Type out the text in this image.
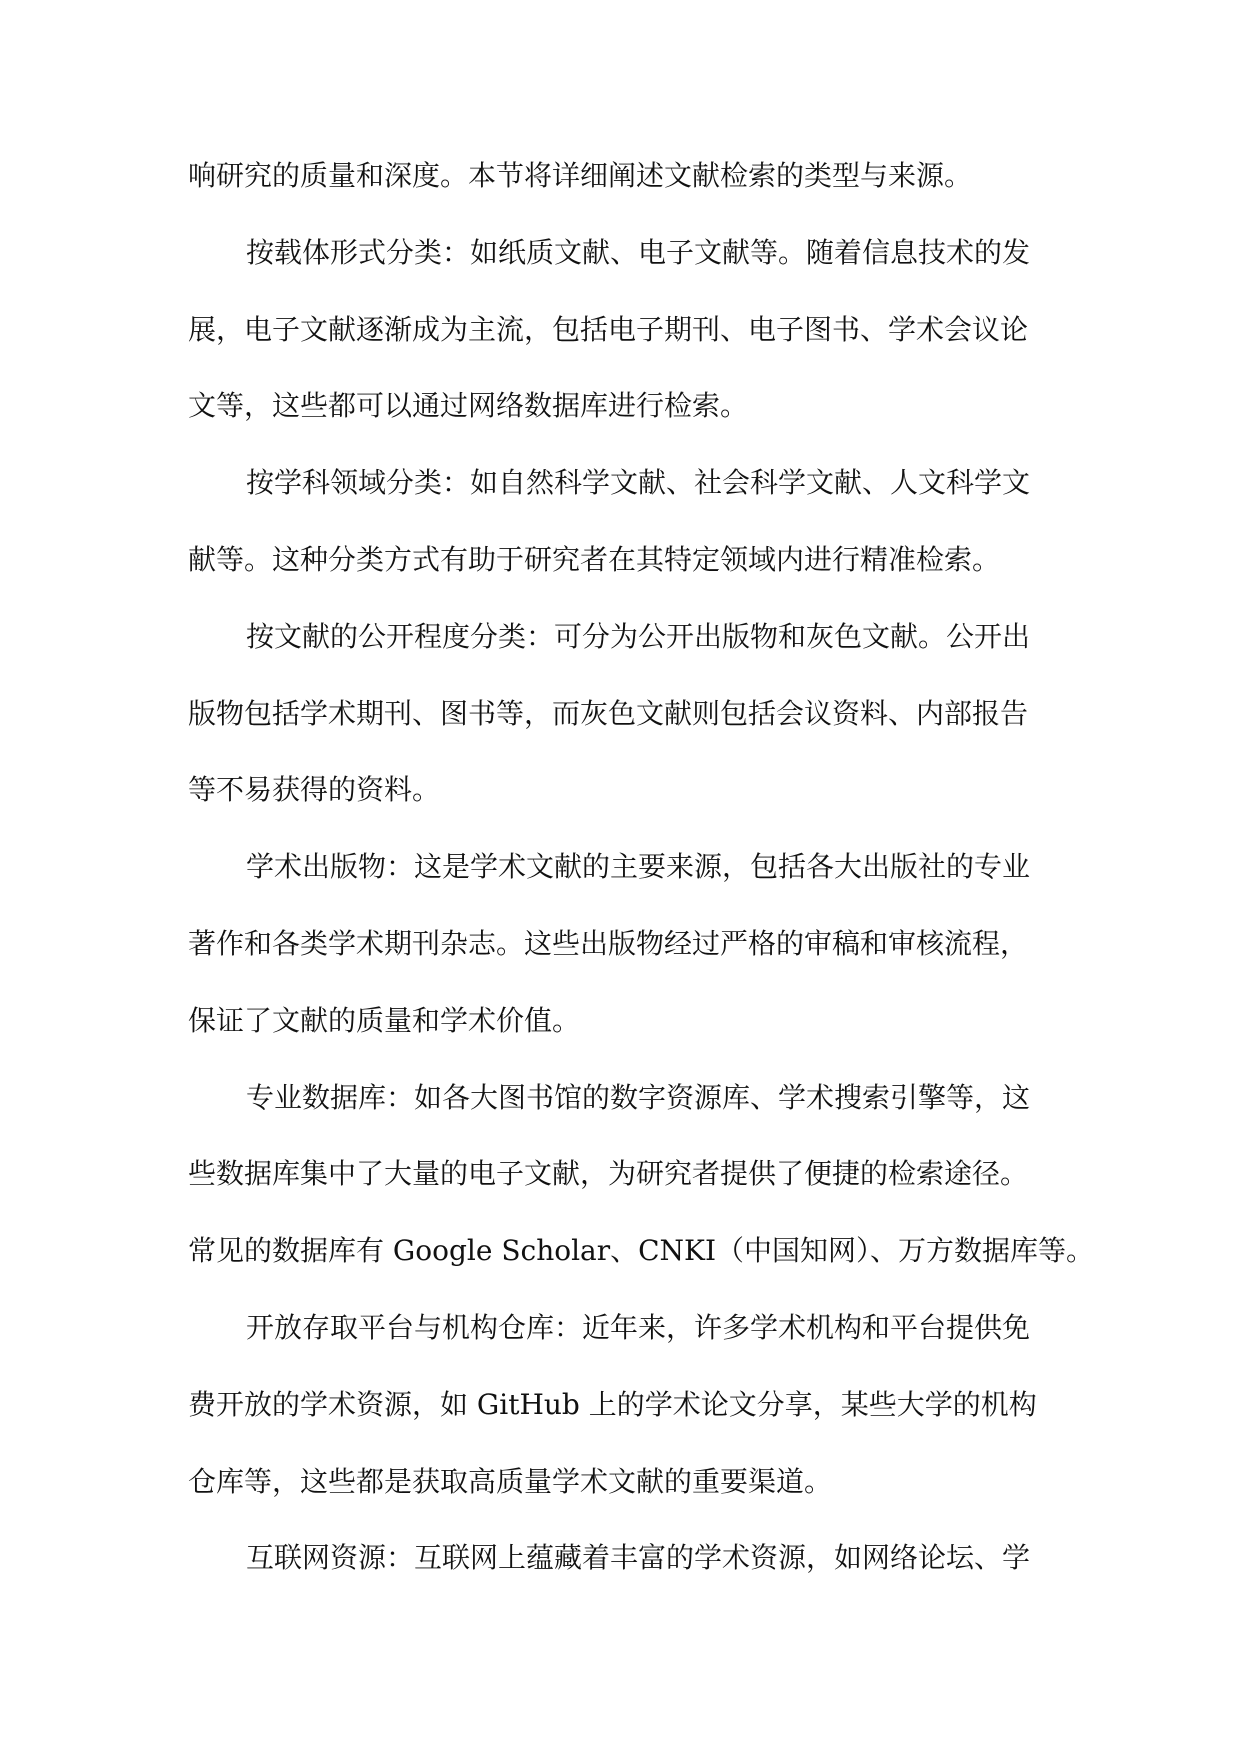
响研究的质量和深度。本节将详细阐述文献检索的类型与来源。
按载体形式分类：如纸质文献、电子文献等。随着信息技术的发
展，电子文献逐渐成为主流，包括电子期刊、电子图书、学术会议论
文等，这些都可以通过网络数据库进行检索。
按学科领域分类：如自然科学文献、社会科学文献、人文科学文
献等。这种分类方式有助于研究者在其特定领域内进行精准检索。
按文献的公开程度分类：可分为公开出版物和灰色文献。公开出
版物包括学术期刊、图书等，而灰色文献则包括会议资料、内部报告
等不易获得的资料。
学术出版物：这是学术文献的主要来源，包括各大出版社的专业
著作和各类学术期刊杂志。这些出版物经过严格的审稿和审核流程，
保证了文献的质量和学术价值。
专业数据库：如各大图书馆的数字资源库、学术搜索引擎等，这
些数据库集中了大量的电子文献，为研究者提供了便捷的检索途径。
常见的数据库有 Google Scholar、CNKI（中国知网）、万方数据库等。
开放存取平台与机构仓库：近年来，许多学术机构和平台提供免
费开放的学术资源，如 GitHub 上的学术论文分享，某些大学的机构
仓库等，这些都是获取高质量学术文献的重要渠道。
互联网资源：互联网上蕴藏着丰富的学术资源，如网络论坛、学
